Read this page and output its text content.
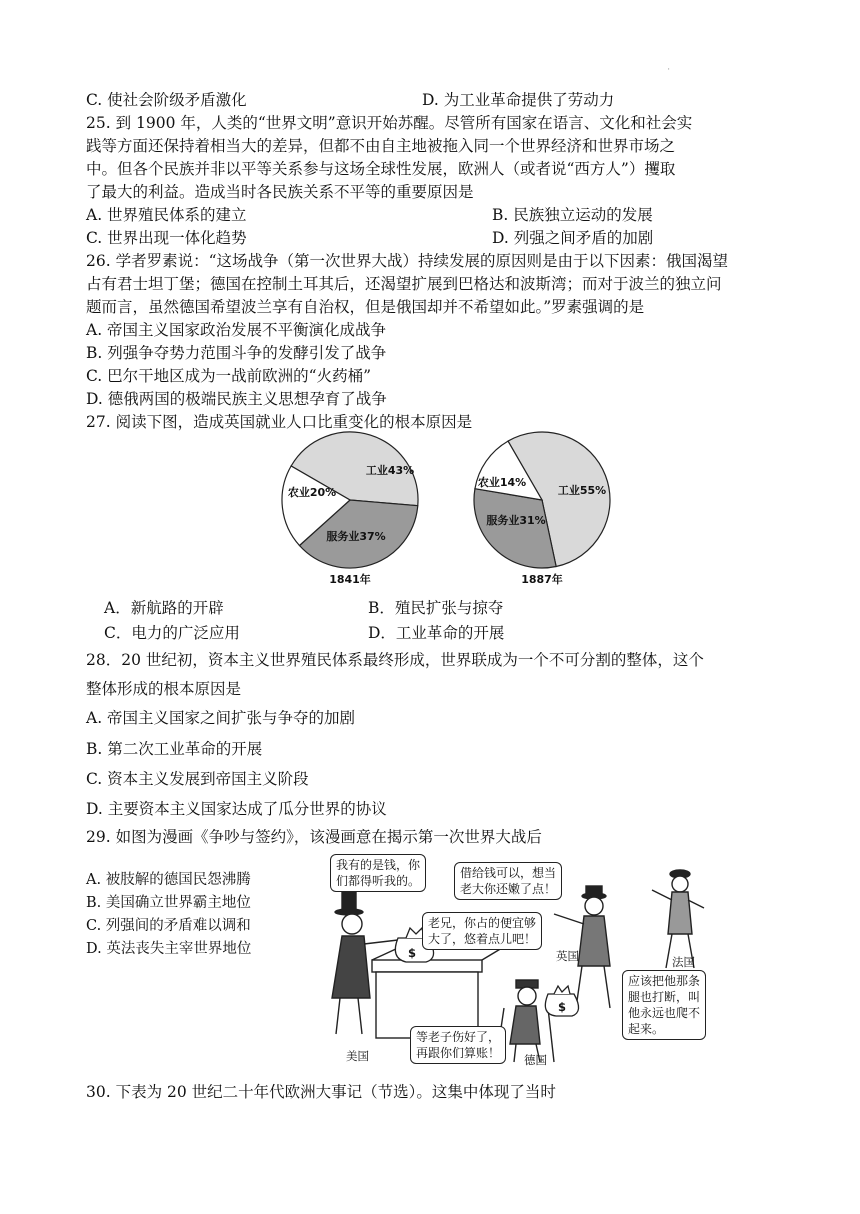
'
C. 使社会阶级矛盾激化	D. 为工业革命提供了劳动力
25. 到 1900 年，人类的“世界文明”意识开始苏醒。尽管所有国家在语言、文化和社会实
践等方面还保持着相当大的差异，但都不由自主地被拖入同一个世界经济和世界市场之
中。但各个民族并非以平等关系参与这场全球性发展，欧洲人（或者说“西方人”）攫取
了最大的利益。造成当时各民族关系不平等的重要原因是
A. 世界殖民体系的建立	B. 民族独立运动的发展
C. 世界出现一体化趋势	D. 列强之间矛盾的加剧
26. 学者罗素说：“这场战争（第一次世界大战）持续发展的原因则是由于以下因素：俄国渴望
占有君士坦丁堡；德国在控制土耳其后，还渴望扩展到巴格达和波斯湾；而对于波兰的独立问
题而言，虽然德国希望波兰享有自治权，但是俄国却并不希望如此。”罗素强调的是
A. 帝国主义国家政治发展不平衡演化成战争
B. 列强争夺势力范围斗争的发酵引发了战争
C. 巴尔干地区成为一战前欧洲的“火药桶”
D. 德俄两国的极端民族主义思想孕育了战争
27. 阅读下图，造成英国就业人口比重变化的根本原因是
工业43%
服务业37%
农业20%
1841年
工业55%
服务业31%
农业14%
1887年
A．新航路的开辟	B．殖民扩张与掠夺
C．电力的广泛应用	D．工业革命的开展
28．20 世纪初，资本主义世界殖民体系最终形成，世界联成为一个不可分割的整体，这个
整体形成的根本原因是
A. 帝国主义国家之间扩张与争夺的加剧
B. 第二次工业革命的开展
C. 资本主义发展到帝国主义阶段
D. 主要资本主义国家达成了瓜分世界的协议
29. 如图为漫画《争吵与签约》，该漫画意在揭示第一次世界大战后
A. 被肢解的德国民怨沸腾
B. 美国确立世界霸主地位
C. 列强间的矛盾难以调和
D. 英法丧失主宰世界地位
我有的是钱，你
们都得听我的。
借给钱可以，想当
老大你还嫩了点！
老兄，你占的便宜够
大了，悠着点儿吧！
应该把他那条
腿也打断，叫
他永远也爬不
起来。
等老子伤好了，
再跟你们算账！
美国
英国	法国
德国
$
$
30. 下表为 20 世纪二十年代欧洲大事记（节选）。这集中体现了当时
